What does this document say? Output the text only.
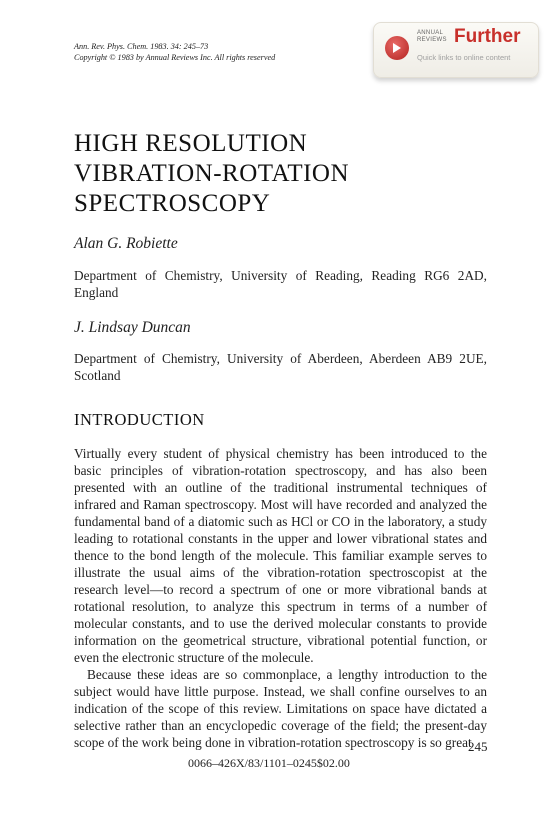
Ann. Rev. Phys. Chem. 1983. 34: 245–73
Copyright © 1983 by Annual Reviews Inc. All rights reserved
ANNUAL
REVIEWS Further
Quick links to online content
HIGH RESOLUTION
VIBRATION-ROTATION
SPECTROSCOPY
Alan G. Robiette
Department of Chemistry, University of Reading, Reading RG6 2AD, England
J. Lindsay Duncan
Department of Chemistry, University of Aberdeen, Aberdeen AB9 2UE, Scotland
INTRODUCTION

Virtually every student of physical chemistry has been introduced to the basic principles of vibration-rotation spectroscopy, and has also been presented with an outline of the traditional instrumental techniques of infrared and Raman spectroscopy. Most will have recorded and analyzed the fundamental band of a diatomic such as HCl or CO in the laboratory, a study leading to rotational constants in the upper and lower vibrational states and thence to the bond length of the molecule. This familiar example serves to illustrate the usual aims of the vibration-rotation spectroscopist at the research level—to record a spectrum of one or more vibrational bands at rotational resolution, to analyze this spectrum in terms of a number of molecular constants, and to use the derived molecular constants to provide information on the geometrical structure, vibrational potential function, or even the electronic structure of the molecule.

Because these ideas are so commonplace, a lengthy introduction to the subject would have little purpose. Instead, we shall confine ourselves to an indication of the scope of this review. Limitations on space have dictated a selective rather than an encyclopedic coverage of the field; the present-day scope of the work being done in vibration-rotation spectroscopy is so great

245
0066–426X/83/1101–0245$02.00
